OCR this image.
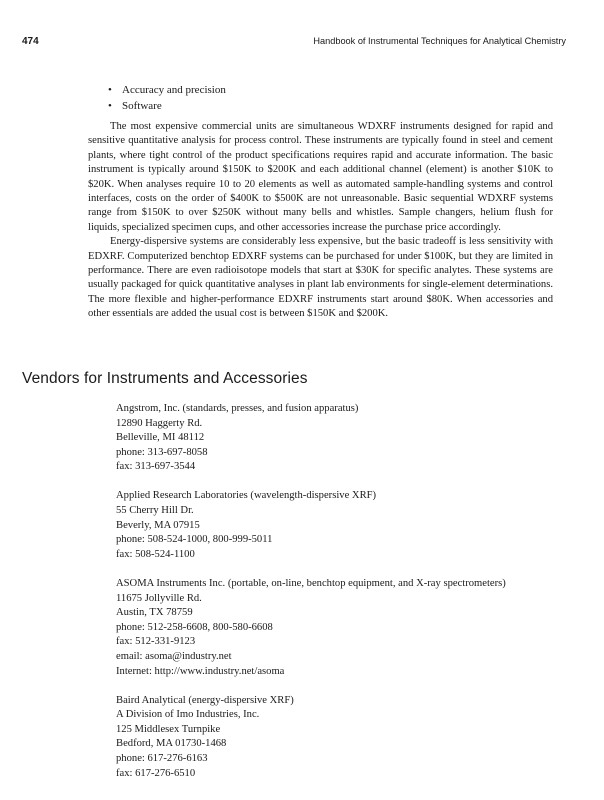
474	Handbook of Instrumental Techniques for Analytical Chemistry
• Accuracy and precision
• Software

The most expensive commercial units are simultaneous WDXRF instruments designed for rapid and sensitive quantitative analysis for process control. These instruments are typically found in steel and cement plants, where tight control of the product specifications requires rapid and accurate information. The basic instrument is typically around $150K to $200K and each additional channel (element) is another $10K to $20K. When analyses require 10 to 20 elements as well as automated sample-handling systems and control interfaces, costs on the order of $400K to $500K are not unreasonable. Basic sequential WDXRF systems range from $150K to over $250K without many bells and whistles. Sample changers, helium flush for liquids, specialized specimen cups, and other accessories increase the purchase price accordingly.

Energy-dispersive systems are considerably less expensive, but the basic tradeoff is less sensitivity with EDXRF. Computerized benchtop EDXRF systems can be purchased for under $100K, but they are limited in performance. There are even radioisotope models that start at $30K for specific analytes. These systems are usually packaged for quick quantitative analyses in plant lab environments for single-element determinations. The more flexible and higher-performance EDXRF instruments start around $80K. When accessories and other essentials are added the usual cost is between $150K and $200K.

Vendors for Instruments and Accessories
Angstrom, Inc. (standards, presses, and fusion apparatus)
12890 Haggerty Rd.
Belleville, MI 48112
phone: 313-697-8058
fax: 313-697-3544
Applied Research Laboratories (wavelength-dispersive XRF)
55 Cherry Hill Dr.
Beverly, MA 07915
phone: 508-524-1000, 800-999-5011
fax: 508-524-1100
ASOMA Instruments Inc. (portable, on-line, benchtop equipment, and X-ray spectrometers)
11675 Jollyville Rd.
Austin, TX 78759
phone: 512-258-6608, 800-580-6608
fax: 512-331-9123
email: asoma@industry.net
Internet: http://www.industry.net/asoma
Baird Analytical (energy-dispersive XRF)
A Division of Imo Industries, Inc.
125 Middlesex Turnpike
Bedford, MA 01730-1468
phone: 617-276-6163
fax: 617-276-6510
